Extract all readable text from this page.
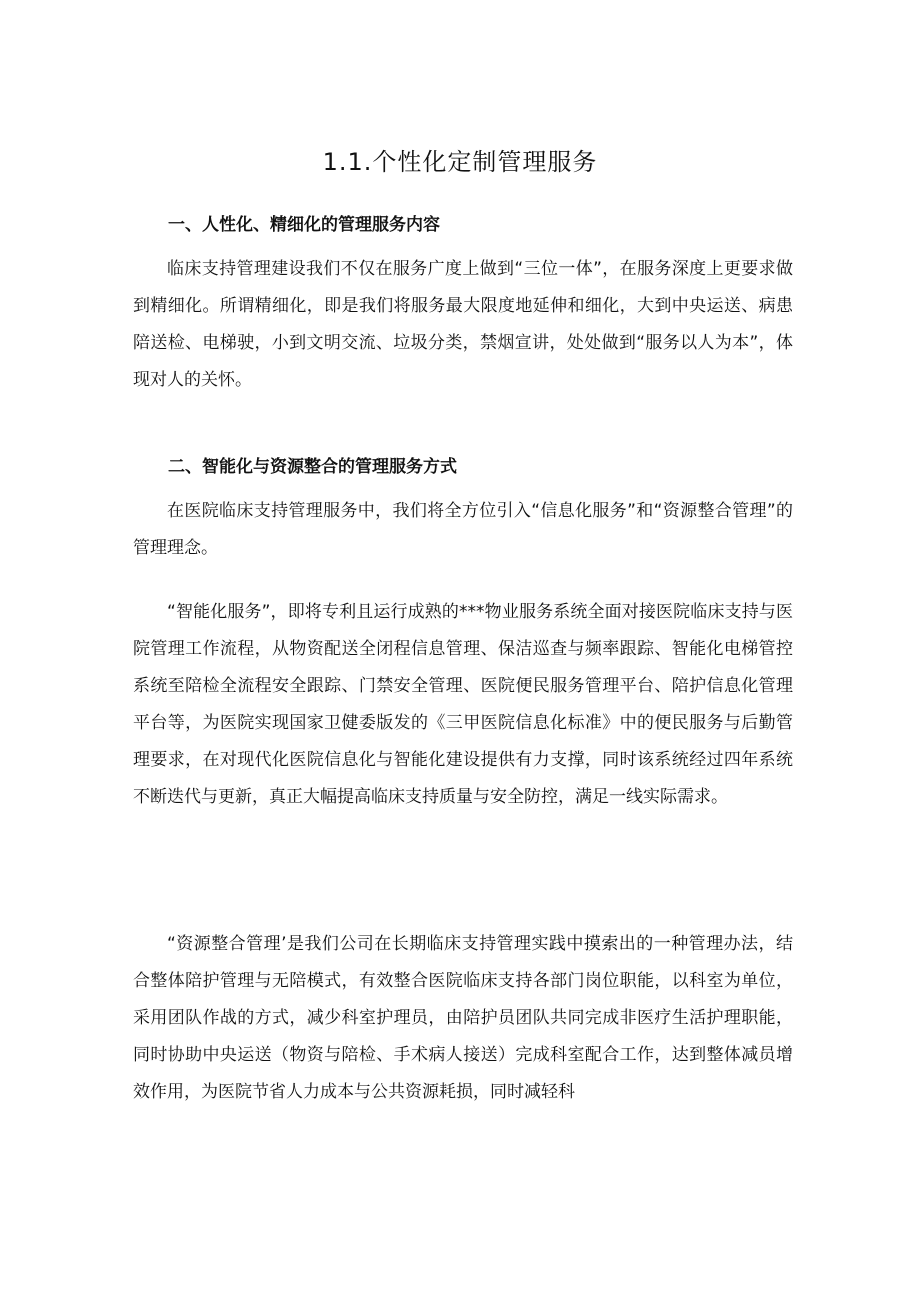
1.1.个性化定制管理服务
一、人性化、精细化的管理服务内容

临床支持管理建设我们不仅在服务广度上做到“三位一体”，在服务深度上更要求做到精细化。所谓精细化，即是我们将服务最大限度地延伸和细化，大到中央运送、病患陪送检、电梯驶，小到文明交流、垃圾分类，禁烟宣讲，处处做到“服务以人为本”，体现对人的关怀。

二、智能化与资源整合的管理服务方式

在医院临床支持管理服务中，我们将全方位引入“信息化服务”和“资源整合管理”的管理理念。

“智能化服务”，即将专利且运行成熟的***物业服务系统全面对接医院临床支持与医院管理工作流程，从物资配送全闭程信息管理、保洁巡查与频率跟踪、智能化电梯管控系统至陪检全流程安全跟踪、门禁安全管理、医院便民服务管理平台、陪护信息化管理平台等，为医院实现国家卫健委版发的《三甲医院信息化标准》中的便民服务与后勤管理要求，在对现代化医院信息化与智能化建设提供有力支撑，同时该系统经过四年系统不断迭代与更新，真正大幅提高临床支持质量与安全防控，满足一线实际需求。

“资源整合管理’是我们公司在长期临床支持管理实践中摸索出的一种管理办法，结合整体陪护管理与无陪模式，有效整合医院临床支持各部门岗位职能，以科室为单位，采用团队作战的方式，减少科室护理员，由陪护员团队共同完成非医疗生活护理职能，同时协助中央运送（物资与陪检、手术病人接送）完成科室配合工作，达到整体减员增效作用，为医院节省人力成本与公共资源耗损，同时减轻科
